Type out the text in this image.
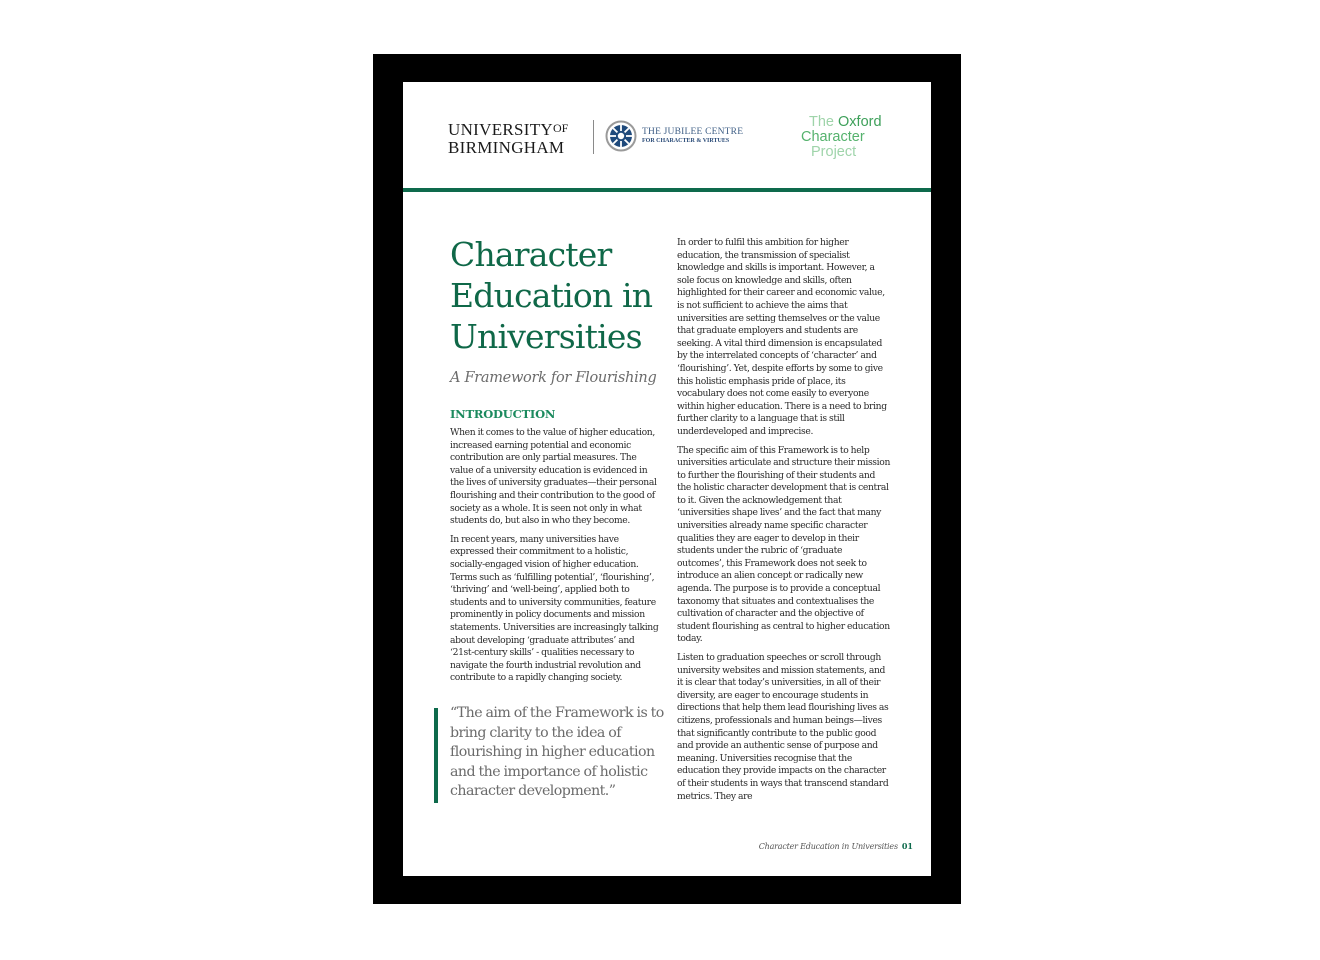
UNIVERSITYOF
BIRMINGHAM
THE JUBILEE CENTRE
FOR CHARACTER & VIRTUES
The Oxford
Character
Project
Character
Education in
Universities

A Framework for Flourishing

INTRODUCTION

When it comes to the value of higher education, increased earning potential and economic contribution are only partial measures. The value of a university education is evidenced in the lives of university graduates—their personal flourishing and their contribution to the good of society as a whole. It is seen not only in what students do, but also in who they become.

In recent years, many universities have expressed their commitment to a holistic, socially-engaged vision of higher education. Terms such as ‘fulfilling potential’, ‘flourishing’, ‘thriving’ and ‘well-being’, applied both to students and to university communities, feature prominently in policy documents and mission statements. Universities are increasingly talking about developing ‘graduate attributes’ and ‘21st-century skills’ - qualities necessary to navigate the fourth industrial revolution and contribute to a rapidly changing society.

“The aim of the Framework is to bring clarity to the idea of flourishing in higher education and the importance of holistic character development.”

In order to fulfil this ambition for higher education, the transmission of specialist knowledge and skills is important. However, a sole focus on knowledge and skills, often highlighted for their career and economic value, is not sufficient to achieve the aims that universities are setting themselves or the value that graduate employers and students are seeking. A vital third dimension is encapsulated by the interrelated concepts of ‘character’ and ‘flourishing’. Yet, despite efforts by some to give this holistic emphasis pride of place, its vocabulary does not come easily to everyone within higher education. There is a need to bring further clarity to a language that is still underdeveloped and imprecise.

The specific aim of this Framework is to help universities articulate and structure their mission to further the flourishing of their students and the holistic character development that is central to it. Given the acknowledgement that ‘universities shape lives’ and the fact that many universities already name specific character qualities they are eager to develop in their students under the rubric of ‘graduate outcomes’, this Framework does not seek to introduce an alien concept or radically new agenda. The purpose is to provide a conceptual taxonomy that situates and contextualises the cultivation of character and the objective of student flourishing as central to higher education today.

Listen to graduation speeches or scroll through university websites and mission statements, and it is clear that today’s universities, in all of their diversity, are eager to encourage students in directions that help them lead flourishing lives as citizens, professionals and human beings—lives that significantly contribute to the public good and provide an authentic sense of purpose and meaning. Universities recognise that the education they provide impacts on the character of their students in ways that transcend standard metrics. They are

Character Education in Universities 01
